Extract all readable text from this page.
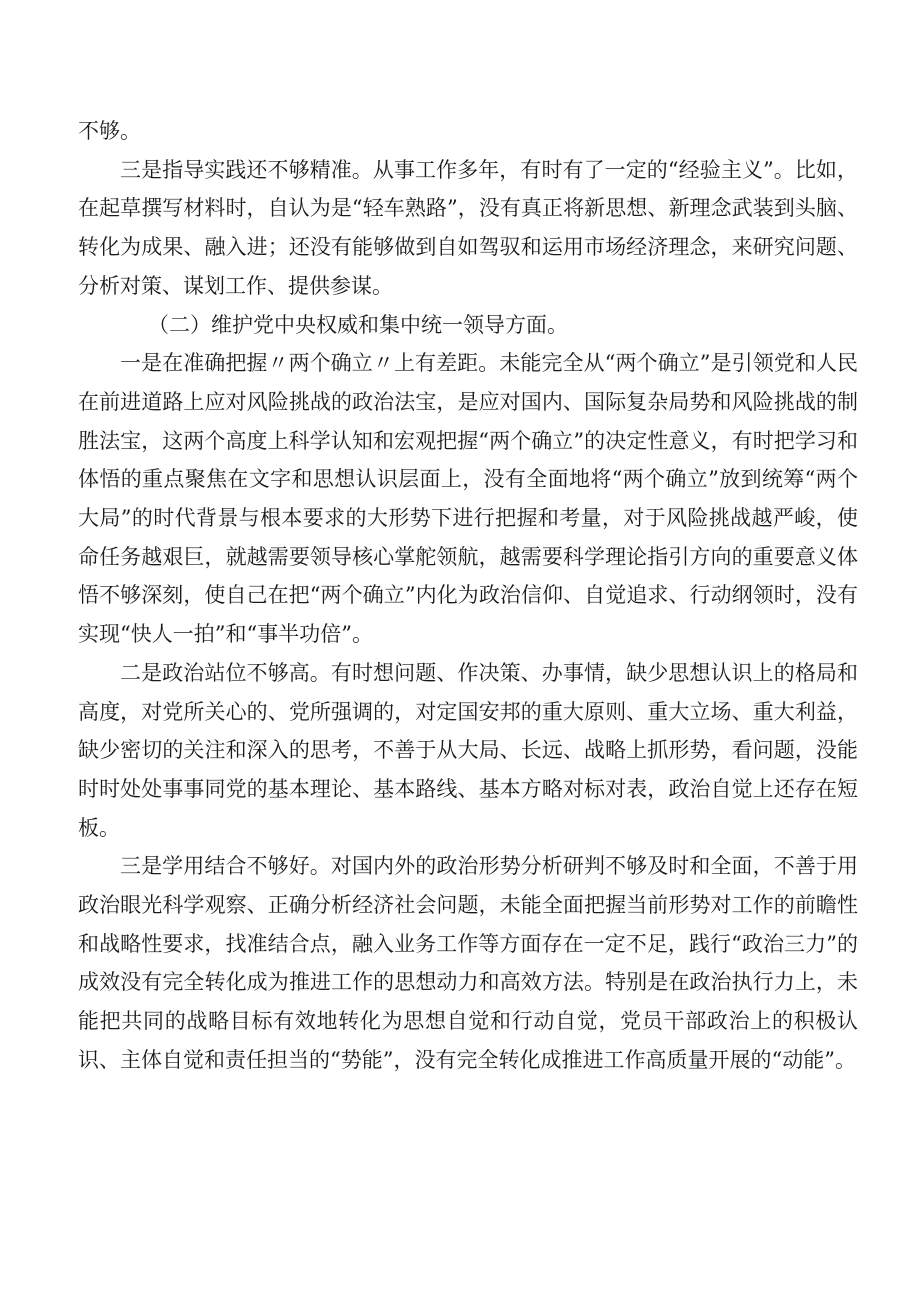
不够。

三是指导实践还不够精准。从事工作多年，有时有了一定的“经验主义”。比如，在起草撰写材料时，自认为是“轻车熟路”，没有真正将新思想、新理念武装到头脑、转化为成果、融入进；还没有能够做到自如驾驭和运用市场经济理念，来研究问题、分析对策、谋划工作、提供参谋。

（二）维护党中央权威和集中统一领导方面。

一是在准确把握〃两个确立〃上有差距。未能完全从“两个确立”是引领党和人民在前进道路上应对风险挑战的政治法宝，是应对国内、国际复杂局势和风险挑战的制胜法宝，这两个高度上科学认知和宏观把握“两个确立”的决定性意义，有时把学习和体悟的重点聚焦在文字和思想认识层面上，没有全面地将“两个确立”放到统筹“两个大局”的时代背景与根本要求的大形势下进行把握和考量，对于风险挑战越严峻，使命任务越艰巨，就越需要领导核心掌舵领航，越需要科学理论指引方向的重要意义体悟不够深刻，使自己在把“两个确立”内化为政治信仰、自觉追求、行动纲领时，没有实现“快人一拍”和“事半功倍”。

二是政治站位不够高。有时想问题、作决策、办事情，缺少思想认识上的格局和高度，对党所关心的、党所强调的，对定国安邦的重大原则、重大立场、重大利益，缺少密切的关注和深入的思考，不善于从大局、长远、战略上抓形势，看问题，没能时时处处事事同党的基本理论、基本路线、基本方略对标对表，政治自觉上还存在短板。

三是学用结合不够好。对国内外的政治形势分析研判不够及时和全面，不善于用政治眼光科学观察、正确分析经济社会问题，未能全面把握当前形势对工作的前瞻性和战略性要求，找准结合点，融入业务工作等方面存在一定不足，践行“政治三力”的成效没有完全转化成为推进工作的思想动力和高效方法。特别是在政治执行力上，未能把共同的战略目标有效地转化为思想自觉和行动自觉，党员干部政治上的积极认识、主体自觉和责任担当的“势能”，没有完全转化成推进工作高质量开展的“动能”。
